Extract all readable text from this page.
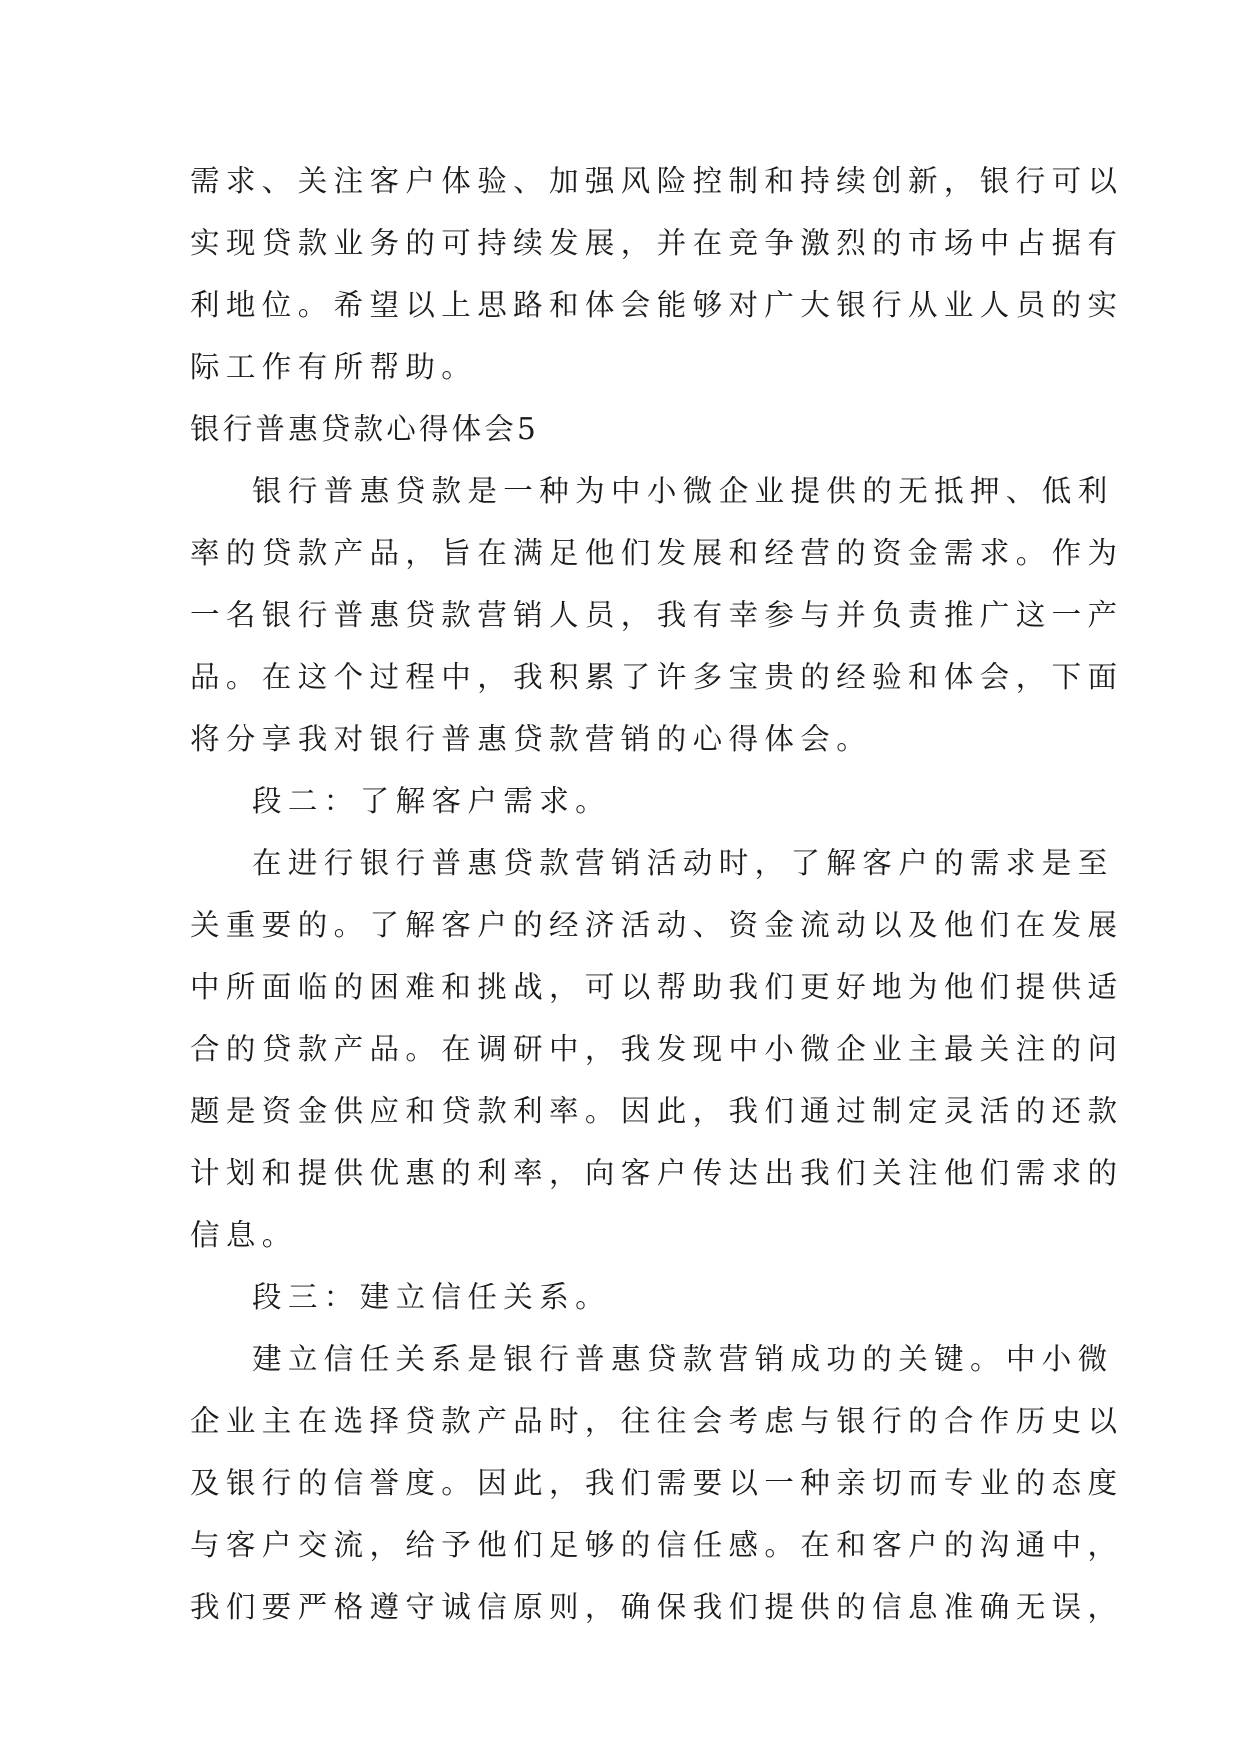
需求、关注客户体验、加强风险控制和持续创新，银行可以
实现贷款业务的可持续发展，并在竞争激烈的市场中占据有
利地位。希望以上思路和体会能够对广大银行从业人员的实
际工作有所帮助。
银行普惠贷款心得体会5
银行普惠贷款是一种为中小微企业提供的无抵押、低利
率的贷款产品，旨在满足他们发展和经营的资金需求。作为
一名银行普惠贷款营销人员，我有幸参与并负责推广这一产
品。在这个过程中，我积累了许多宝贵的经验和体会，下面
将分享我对银行普惠贷款营销的心得体会。
段二：了解客户需求。
在进行银行普惠贷款营销活动时，了解客户的需求是至
关重要的。了解客户的经济活动、资金流动以及他们在发展
中所面临的困难和挑战，可以帮助我们更好地为他们提供适
合的贷款产品。在调研中，我发现中小微企业主最关注的问
题是资金供应和贷款利率。因此，我们通过制定灵活的还款
计划和提供优惠的利率，向客户传达出我们关注他们需求的
信息。
段三：建立信任关系。
建立信任关系是银行普惠贷款营销成功的关键。中小微
企业主在选择贷款产品时，往往会考虑与银行的合作历史以
及银行的信誉度。因此，我们需要以一种亲切而专业的态度
与客户交流，给予他们足够的信任感。在和客户的沟通中，
我们要严格遵守诚信原则，确保我们提供的信息准确无误，
